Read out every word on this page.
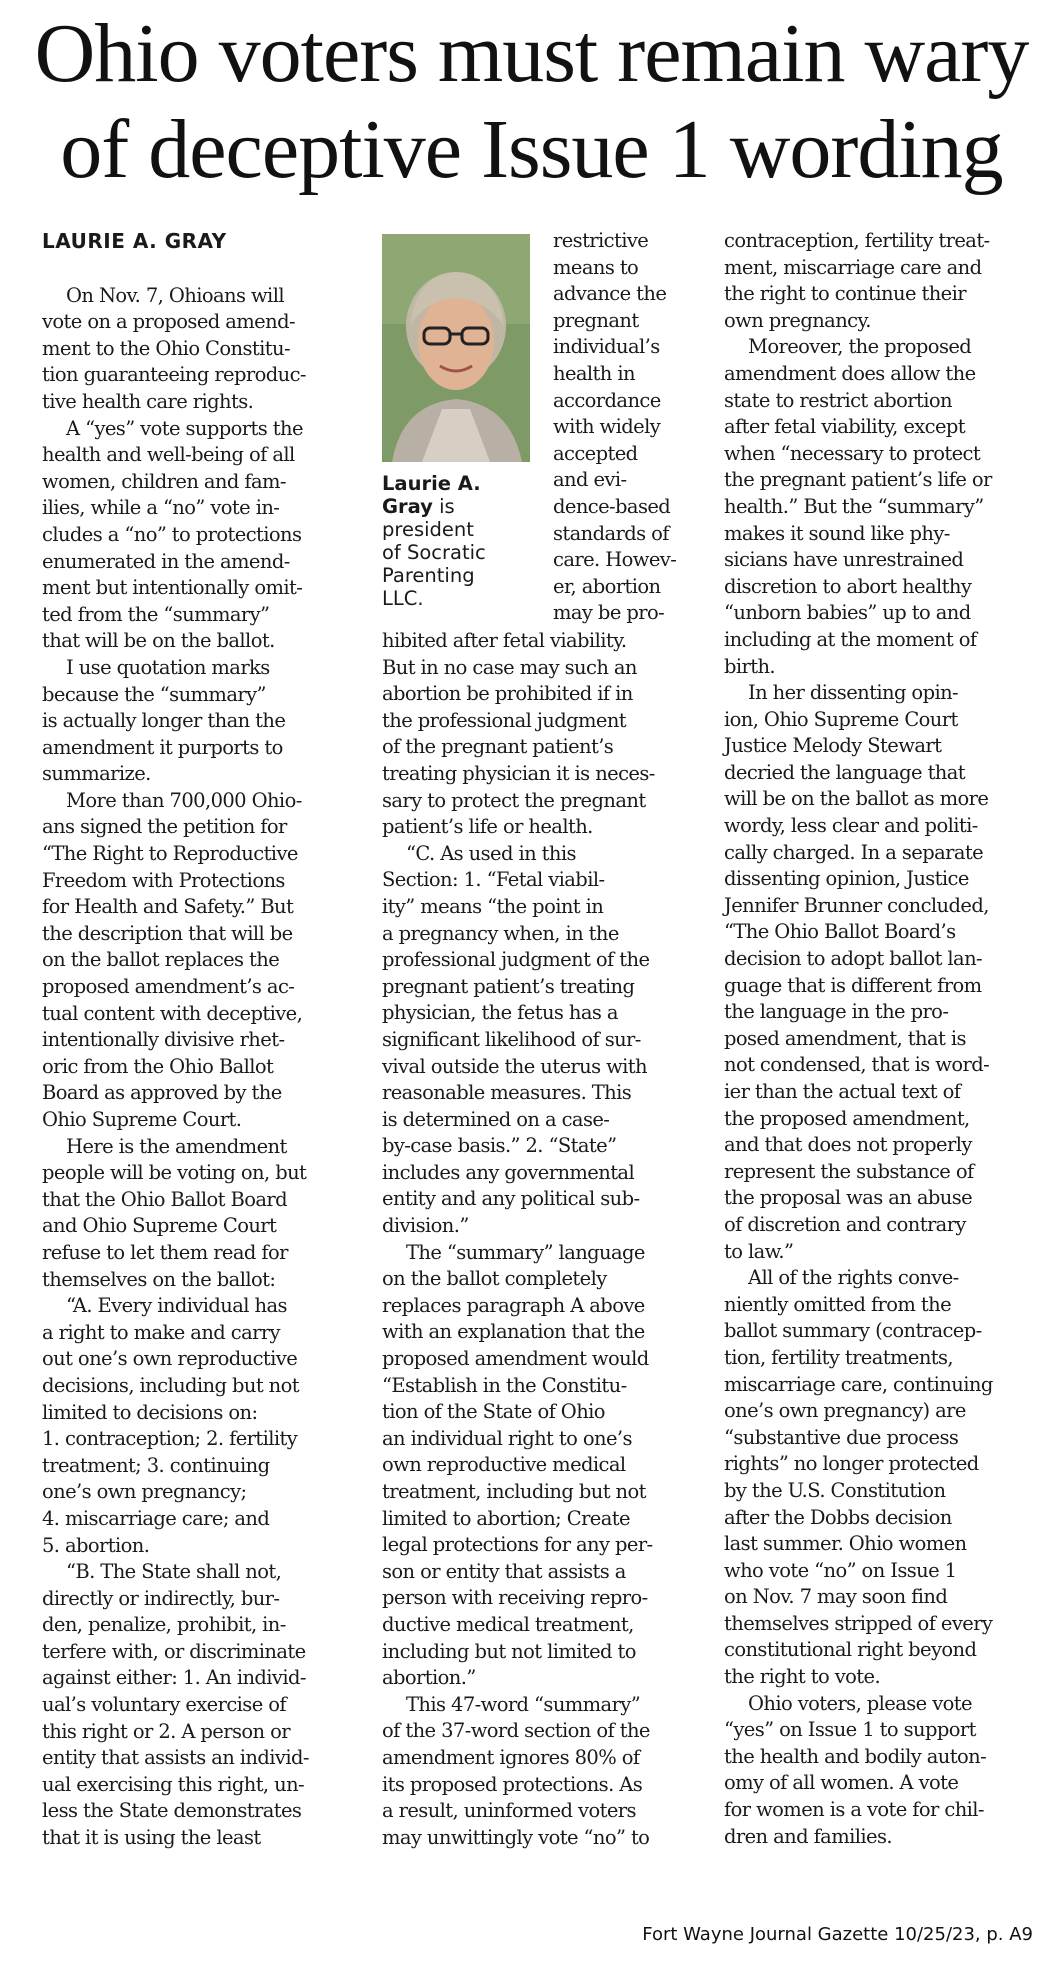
Ohio voters must remain wary
of deceptive Issue 1 wording
LAURIE A. GRAY
On Nov. 7, Ohioans will
vote on a proposed amend-
ment to the Ohio Constitu-
tion guaranteeing reproduc-
tive health care rights.
A “yes” vote supports the
health and well-being of all
women, children and fam-
ilies, while a “no” vote in-
cludes a “no” to protections
enumerated in the amend-
ment but intentionally omit-
ted from the “summary”
that will be on the ballot.
I use quotation marks
because the “summary”
is actually longer than the
amendment it purports to
summarize.
More than 700,000 Ohio-
ans signed the petition for
“The Right to Reproductive
Freedom with Protections
for Health and Safety.” But
the description that will be
on the ballot replaces the
proposed amendment’s ac-
tual content with deceptive,
intentionally divisive rhet-
oric from the Ohio Ballot
Board as approved by the
Ohio Supreme Court.
Here is the amendment
people will be voting on, but
that the Ohio Ballot Board
and Ohio Supreme Court
refuse to let them read for
themselves on the ballot:
“A. Every individual has
a right to make and carry
out one’s own reproductive
decisions, including but not
limited to decisions on:
1. contraception; 2. fertility
treatment; 3. continuing
one’s own pregnancy;
4. miscarriage care; and
5. abortion.
“B. The State shall not,
directly or indirectly, bur-
den, penalize, prohibit, in-
terfere with, or discriminate
against either: 1. An individ-
ual’s voluntary exercise of
this right or 2. A person or
entity that assists an individ-
ual exercising this right, un-
less the State demonstrates
that it is using the least
Laurie A.
Gray is
president
of Socratic
Parenting
LLC.
restrictive
means to
advance the
pregnant
individual’s
health in
accordance
with widely
accepted
and evi-
dence-based
standards of
care. Howev-
er, abortion
may be pro-
hibited after fetal viability.
But in no case may such an
abortion be prohibited if in
the professional judgment
of the pregnant patient’s
treating physician it is neces-
sary to protect the pregnant
patient’s life or health.
“C. As used in this
Section: 1. “Fetal viabil-
ity” means “the point in
a pregnancy when, in the
professional judgment of the
pregnant patient’s treating
physician, the fetus has a
significant likelihood of sur-
vival outside the uterus with
reasonable measures. This
is determined on a case-
by-case basis.” 2. “State”
includes any governmental
entity and any political sub-
division.”
The “summary” language
on the ballot completely
replaces paragraph A above
with an explanation that the
proposed amendment would
“Establish in the Constitu-
tion of the State of Ohio
an individual right to one’s
own reproductive medical
treatment, including but not
limited to abortion; Create
legal protections for any per-
son or entity that assists a
person with receiving repro-
ductive medical treatment,
including but not limited to
abortion.”
This 47-word “summary”
of the 37-word section of the
amendment ignores 80% of
its proposed protections. As
a result, uninformed voters
may unwittingly vote “no” to
contraception, fertility treat-
ment, miscarriage care and
the right to continue their
own pregnancy.
Moreover, the proposed
amendment does allow the
state to restrict abortion
after fetal viability, except
when “necessary to protect
the pregnant patient’s life or
health.” But the “summary”
makes it sound like phy-
sicians have unrestrained
discretion to abort healthy
“unborn babies” up to and
including at the moment of
birth.
In her dissenting opin-
ion, Ohio Supreme Court
Justice Melody Stewart
decried the language that
will be on the ballot as more
wordy, less clear and politi-
cally charged. In a separate
dissenting opinion, Justice
Jennifer Brunner concluded,
“The Ohio Ballot Board’s
decision to adopt ballot lan-
guage that is different from
the language in the pro-
posed amendment, that is
not condensed, that is word-
ier than the actual text of
the proposed amendment,
and that does not properly
represent the substance of
the proposal was an abuse
of discretion and contrary
to law.”
All of the rights conve-
niently omitted from the
ballot summary (contracep-
tion, fertility treatments,
miscarriage care, continuing
one’s own pregnancy) are
“substantive due process
rights” no longer protected
by the U.S. Constitution
after the Dobbs decision
last summer. Ohio women
who vote “no” on Issue 1
on Nov. 7 may soon find
themselves stripped of every
constitutional right beyond
the right to vote.
Ohio voters, please vote
“yes” on Issue 1 to support
the health and bodily auton-
omy of all women. A vote
for women is a vote for chil-
dren and families.
Fort Wayne Journal Gazette 10/25/23, p. A9
